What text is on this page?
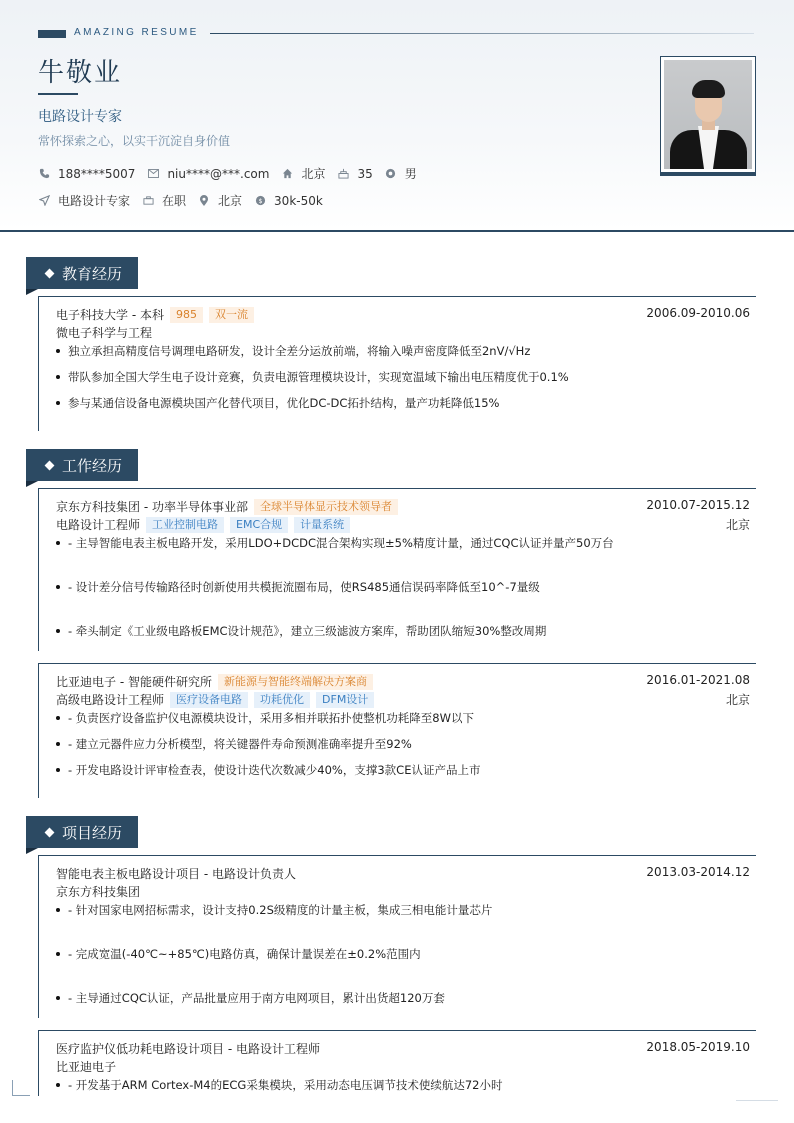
AMAZING RESUME
牛敬业
电路设计专家
常怀探索之心，以实干沉淀自身价值
188****5007	niu****@***.com	北京	35	男
电路设计专家	在职	北京 $ 30k-50k
教育经历
电子科技大学 - 本科	985	双一流	2006.09-2010.06
微电子科学与工程
独立承担高精度信号调理电路研发，设计全差分运放前端，将输入噪声密度降低至2nV/√Hz
带队参加全国大学生电子设计竞赛，负责电源管理模块设计，实现宽温域下输出电压精度优于0.1%
参与某通信设备电源模块国产化替代项目，优化DC-DC拓扑结构，量产功耗降低15%
工作经历
京东方科技集团 - 功率半导体事业部	全球半导体显示技术领导者	2010.07-2015.12
电路设计工程师	工业控制电路	EMC合规	计量系统	北京
- 主导智能电表主板电路开发，采用LDO+DCDC混合架构实现±5%精度计量，通过CQC认证并量产50万台
- 设计差分信号传输路径时创新使用共模扼流圈布局，使RS485通信误码率降低至10^-7量级
- 牵头制定《工业级电路板EMC设计规范》，建立三级滤波方案库，帮助团队缩短30%整改周期
比亚迪电子 - 智能硬件研究所	新能源与智能终端解决方案商	2016.01-2021.08
高级电路设计工程师	医疗设备电路	功耗优化	DFM设计	北京
- 负责医疗设备监护仪电源模块设计，采用多相并联拓扑使整机功耗降至8W以下
- 建立元器件应力分析模型，将关键器件寿命预测准确率提升至92%
- 开发电路设计评审检查表，使设计迭代次数减少40%，支撑3款CE认证产品上市
项目经历
智能电表主板电路设计项目 - 电路设计负责人	2013.03-2014.12
京东方科技集团
- 针对国家电网招标需求，设计支持0.2S级精度的计量主板，集成三相电能计量芯片
- 完成宽温(-40℃~+85℃)电路仿真，确保计量误差在±0.2%范围内
- 主导通过CQC认证，产品批量应用于南方电网项目，累计出货超120万套
医疗监护仪低功耗电路设计项目 - 电路设计工程师	2018.05-2019.10
比亚迪电子
- 开发基于ARM Cortex-M4的ECG采集模块，采用动态电压调节技术使续航达72小时
